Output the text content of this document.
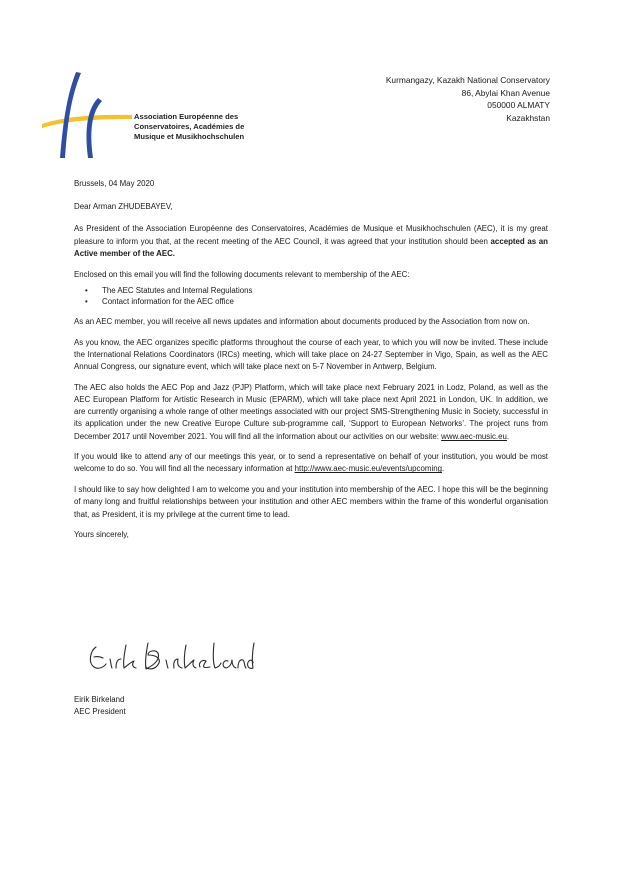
Association Européenne des
Conservatoires, Académies de
Musique et Musikhochschulen
Kurmangazy, Kazakh National Conservatory
86, Abylai Khan Avenue
050000 ALMATY
Kazakhstan

Brussels, 04 May 2020

Dear Arman ZHUDEBAYEV,

As President of the Association Européenne des Conservatoires, Académies de Musique et Musikhochschulen (AEC), it is my great pleasure to inform you that, at the recent meeting of the AEC Council, it was agreed that your institution should been accepted as an Active member of the AEC.

Enclosed on this email you will find the following documents relevant to membership of the AEC:

• The AEC Statutes and Internal Regulations
• Contact information for the AEC office

As an AEC member, you will receive all news updates and information about documents produced by the Association from now on.

As you know, the AEC organizes specific platforms throughout the course of each year, to which you will now be invited. These include the International Relations Coordinators (IRCs) meeting, which will take place on 24-27 September in Vigo, Spain, as well as the AEC Annual Congress, our signature event, which will take place next on 5-7 November in Antwerp, Belgium.

The AEC also holds the AEC Pop and Jazz (PJP) Platform, which will take place next February 2021 in Lodz, Poland, as well as the AEC European Platform for Artistic Research in Music (EPARM), which will take place next April 2021 in London, UK. In addition, we are currently organising a whole range of other meetings associated with our project SMS-Strengthening Music in Society, successful in its application under the new Creative Europe Culture sub-programme call, ‘Support to European Networks’. The project runs from December 2017 until November 2021. You will find all the information about our activities on our website: www.aec-music.eu.

If you would like to attend any of our meetings this year, or to send a representative on behalf of your institution, you would be most welcome to do so. You will find all the necessary information at http://www.aec-music.eu/events/upcoming.

I should like to say how delighted I am to welcome you and your institution into membership of the AEC. I hope this will be the beginning of many long and fruitful relationships between your institution and other AEC members within the frame of this wonderful organisation that, as President, it is my privilege at the current time to lead.

Yours sincerely,

Eirik Birkeland
AEC President
